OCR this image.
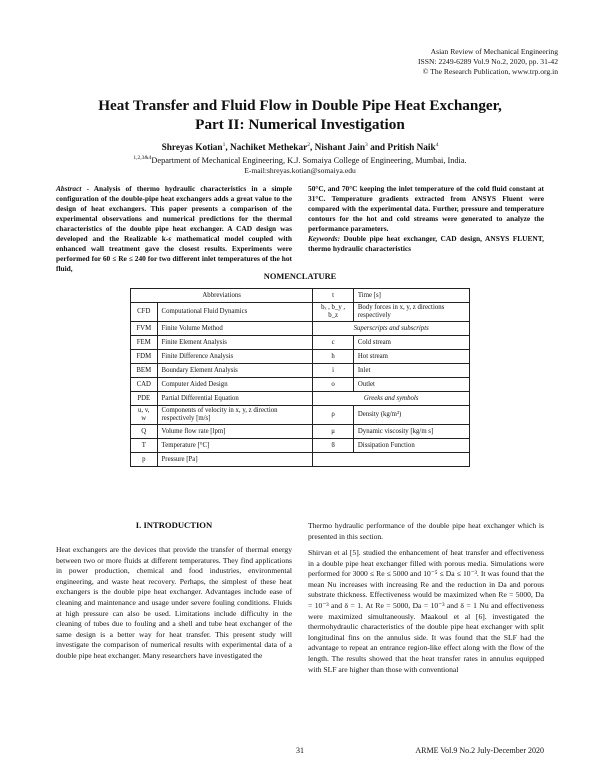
Asian Review of Mechanical Engineering
ISSN: 2249-6289 Vol.9 No.2, 2020, pp. 31-42
© The Research Publication, www.trp.org.in
Heat Transfer and Fluid Flow in Double Pipe Heat Exchanger,
Part II: Numerical Investigation
Shreyas Kotian$^1$, Nachiket Methekar$^2$, Nishant Jain$^3$ and Pritish Naik$^4$
$^{1,2,3\&4}$Department of Mechanical Engineering, K.J. Somaiya College of Engineering, Mumbai, India.
E-mail:shreyas.kotian@somaiya.edu
Abstract - Analysis of thermo hydraulic characteristics in a simple configuration of the double-pipe heat exchangers adds a great value to the design of heat exchangers. This paper presents a comparison of the experimental observations and numerical predictions for the thermal characteristics of the double pipe heat exchanger. A CAD design was developed and the Realizable k-ε mathematical model coupled with enhanced wall treatment gave the closest results. Experiments were performed for 60 ≤ Re ≤ 240 for two different inlet temperatures of the hot fluid,
50°C, and 70°C keeping the inlet temperature of the cold fluid constant at 31°C. Temperature gradients extracted from ANSYS Fluent were compared with the experimental data. Further, pressure and temperature contours for the hot and cold streams were generated to analyze the performance parameters.
Keywords: Double pipe heat exchanger, CAD design, ANSYS FLUENT, thermo hydraulic characteristics
NOMENCLATURE
Abbreviations		t	Time [s]
CFD	Computational Fluid Dynamics	bₓ , b_y , b_z	Body forces in x, y, z directions respectively
FVM	Finite Volume Method	Superscripts and subscripts	
FEM	Finite Element Analysis	c	Cold stream
FDM	Finite Difference Analysis	h	Hot stream
BEM	Boundary Element Analysis	i	Inlet
CAD	Computer Aided Design	o	Outlet
PDE	Partial Differential Equation	Greeks and symbols	
u, v, w	Components of velocity in x, y, z direction respectively [m/s]	ρ	Density (kg/m³)
Q	Volume flow rate [lpm]	μ	Dynamic viscosity [kg/m s]
T	Temperature [°C]	ϐ	Dissipation Function
p	Pressure [Pa]		
I. INTRODUCTION
Heat exchangers are the devices that provide the transfer of thermal energy between two or more fluids at different temperatures. They find applications in power production, chemical and food industries, environmental engineering, and waste heat recovery. Perhaps, the simplest of these heat exchangers is the double pipe heat exchanger. Advantages include ease of cleaning and maintenance and usage under severe fouling conditions. Fluids at high pressure can also be used. Limitations include difficulty in the cleaning of tubes due to fouling and a shell and tube heat exchanger of the same design is a better way for heat transfer. This present study will investigate the comparison of numerical results with experimental data of a double pipe heat exchanger. Many researchers have investigated the
Thermo hydraulic performance of the double pipe heat exchanger which is presented in this section.
Shirvan et al [5]. studied the enhancement of heat transfer and effectiveness in a double pipe heat exchanger filled with porous media. Simulations were performed for 3000 ≤ Re ≤ 5000 and 10⁻⁵ ≤ Da ≤ 10⁻³. It was found that the mean Nu increases with increasing Re and the reduction in Da and porous substrate thickness. Effectiveness would be maximized when Re = 5000, Da = 10⁻³ and δ = 1. At Re = 5000, Da = 10⁻³ and δ = 1 Nu and effectiveness were maximized simultaneously. Maakoul et al [6]. investigated the thermohydraulic characteristics of the double pipe heat exchanger with split longitudinal fins on the annulus side. It was found that the SLF had the advantage to repeat an entrance region-like effect along with the flow of the length. The results showed that the heat transfer rates in annulus equipped with SLF are higher than those with conventional
31	ARME Vol.9 No.2 July-December 2020
